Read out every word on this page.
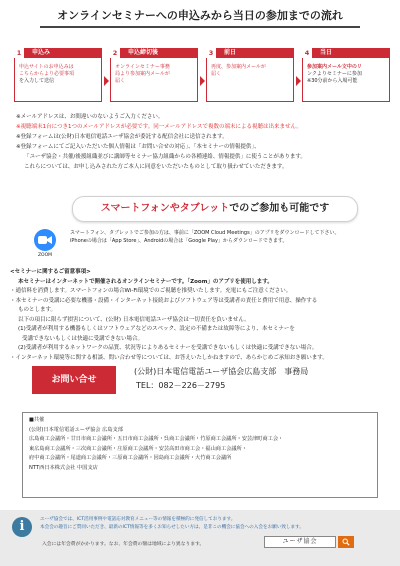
オンラインセミナーへの申込みから当日の参加までの流れ
1	申込み
申込サイトのお申込みは
こちらからより必要事項
を入力して送信
2	申込締切後
オンラインセミナー事務
局より参加案内メールが
届く
3	前日
再度、参加案内メールが
届く
4	当日
参加案内メール文中のリ
ンクよりセミナーに参加
※30分前から入場可能
※メールアドレスは、お間違いのないようご入力ください。
※視聴端末1台につき1つのメールアドレスが必要です。同一メールアドレスで複数の端末による視聴は出来ません。
※登録フォームは(公財)日本電信電話ユーザ協会が委託する配信会社に送信されます。
※登録フォームにてご記入いただいた個人情報は「お問い合せの対応」、「本セミナーの情報提供」、
「ユーザ協会・共催/後援組織並びに講師等セミナー協力組織からの各種連絡、情報提供」に使うことがあります。
これらについては、お申し込みされた方ご本人に同意をいただいたものとして取り扱わせていただきます。
スマートフォンやタブレットでのご参加も可能です
ZOOM
スマートフォン、タブレットでご参加の方は、事前に「ZOOM Cloud Meetings」のアプリをダウンロードして下さい。
iPhoneの場合は「App Store」、Androidの場合は「Google Play」からダウンロードできます。
<セミナーに関するご留意事項>
本セミナーはインターネットで開催されるオンラインセミナーです。「Zoom」のアプリを使用します。
・通信料を消費します。スマートフォンの場合Wi-Fi環境でのご視聴を推奨いたします。充電にもご注意ください。
・本セミナーの受講に必要な機器・設備・インターネット接続およびソフトウェア等は受講者の責任と費用で用意、操作する
ものとします。
以下の項目に限らず損害について、(公財) 日本電信電話ユーザ協会は一切責任を負いません。
(1)受講者が利用する機器もしくはソフトウェアなどのスペック、設定の不備または故障等により、本セミナーを
受講できないもしくは快適に受講できない場合。
(2)受講者が利用するネットワークの品質、状況等によりあるセミナーを受講できないもしくは快適に受講できない場合。
・インターネット環境等に関する相談、問い合わせ等については、お答えいたしかねますので、あらかじめご承知おき願います。
お問い合せ
(公財)日本電信電話ユーザ協会広島支部　事務局
TEL：082－226－2795
■共催
(公財)日本電信電話ユーザ協会 広島支部
広島商工会議所・廿日市商工会議所・五日市商工会議所・呉商工会議所・竹原商工会議所・安芸津町商工会・
東広島商工会議所・三次商工会議所・庄原商工会議所・安芸高田市商工会・福山商工会議所・
府中商工会議所・尾道商工会議所・三原商工会議所・因島商工会議所・大竹商工会議所
NTT西日本株式会社 中国支店
i	ユーザ協会では、ICT活用事例や電話応対教育メニュー等の情報を積極的に発信しております。
本会会の趣旨にご賛同いただき、最新のICT情報等を多くお知らせしたい方は、是非この機会に協会への入会をお願い致します。
入会には年会費がかかります。なお、年会費の額は地域により異なります。	ユーザ協会
